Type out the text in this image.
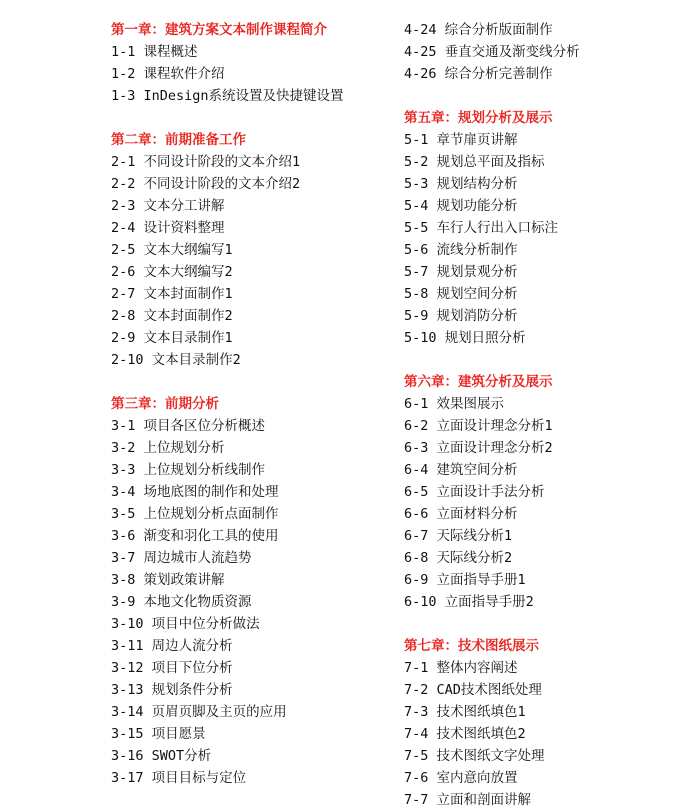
第一章：建筑方案文本制作课程简介
1-1 课程概述
1-2 课程软件介绍
1-3 InDesign系统设置及快捷键设置
第二章：前期准备工作
2-1 不同设计阶段的文本介绍1
2-2 不同设计阶段的文本介绍2
2-3 文本分工讲解
2-4 设计资料整理
2-5 文本大纲编写1
2-6 文本大纲编写2
2-7 文本封面制作1
2-8 文本封面制作2
2-9 文本目录制作1
2-10 文本目录制作2
第三章：前期分析
3-1 项目各区位分析概述
3-2 上位规划分析
3-3 上位规划分析线制作
3-4 场地底图的制作和处理
3-5 上位规划分析点面制作
3-6 渐变和羽化工具的使用
3-7 周边城市人流趋势
3-8 策划政策讲解
3-9 本地文化物质资源
3-10 项目中位分析做法
3-11 周边人流分析
3-12 项目下位分析
3-13 规划条件分析
3-14 页眉页脚及主页的应用
3-15 项目愿景
3-16 SWOT分析
3-17 项目目标与定位
4-24 综合分析版面制作
4-25 垂直交通及渐变线分析
4-26 综合分析完善制作
第五章：规划分析及展示
5-1 章节扉页讲解
5-2 规划总平面及指标
5-3 规划结构分析
5-4 规划功能分析
5-5 车行人行出入口标注
5-6 流线分析制作
5-7 规划景观分析
5-8 规划空间分析
5-9 规划消防分析
5-10 规划日照分析
第六章：建筑分析及展示
6-1 效果图展示
6-2 立面设计理念分析1
6-3 立面设计理念分析2
6-4 建筑空间分析
6-5 立面设计手法分析
6-6 立面材料分析
6-7 天际线分析1
6-8 天际线分析2
6-9 立面指导手册1
6-10 立面指导手册2
第七章：技术图纸展示
7-1 整体内容阐述
7-2 CAD技术图纸处理
7-3 技术图纸填色1
7-4 技术图纸填色2
7-5 技术图纸文字处理
7-6 室内意向放置
7-7 立面和剖面讲解
